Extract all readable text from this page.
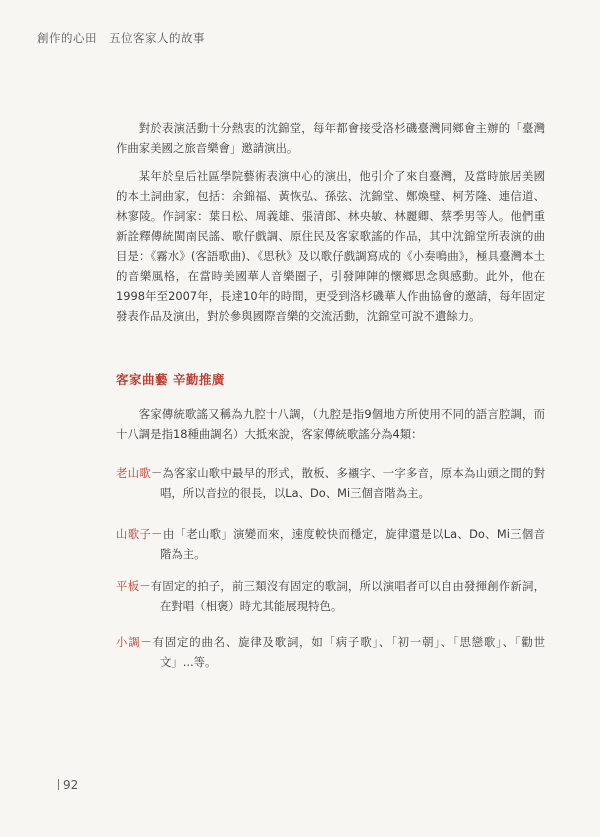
創作的心田 五位客家人的故事

對於表演活動十分熱衷的沈錦堂，每年都會接受洛杉磯臺灣同鄉會主辦的「臺灣作曲家美國之旅音樂會」邀請演出。

某年於皇后社區學院藝術表演中心的演出，他引介了來自臺灣，及當時旅居美國的本土詞曲家，包括：余錦福、黃恢弘、孫弦、沈錦堂、鄭煥璧、柯芳隆、連信道、林寥陵。作詞家：葉日松、周義雄、張清郎、林央敏、林麗卿、蔡季男等人。他們重新詮釋傳統閩南民謠、歌仔戲調、原住民及客家歌謠的作品，其中沈錦堂所表演的曲目是：《霧水》(客語歌曲)、《思秋》及以歌仔戲調寫成的《小奏鳴曲》，極具臺灣本土的音樂風格，在當時美國華人音樂圈子，引發陣陣的懷鄉思念與感動。此外，他在1998年至2007年，長達10年的時間，更受到洛杉磯華人作曲協會的邀請，每年固定發表作品及演出，對於參與國際音樂的交流活動，沈錦堂可說不遺餘力。

客家曲藝 辛勤推廣

客家傳統歌謠又稱為九腔十八調，（九腔是指9個地方所使用不同的語言腔調，而十八調是指18種曲調名）大抵來說，客家傳統歌謠分為4類：

老山歌－為客家山歌中最早的形式，散板、多襯字、一字多音，原本為山頭之間的對唱，所以音拉的很長，以La、Do、Mi三個音階為主。

山歌子－由「老山歌」演變而來，速度較快而穩定，旋律還是以La、Do、Mi三個音階為主。

平板－有固定的拍子，前三類沒有固定的歌詞，所以演唱者可以自由發揮創作新詞，在對唱（相褒）時尤其能展現特色。

小調－有固定的曲名、旋律及歌詞，如「病子歌」、「初一朝」、「思戀歌」、「勸世文」...等。

92
